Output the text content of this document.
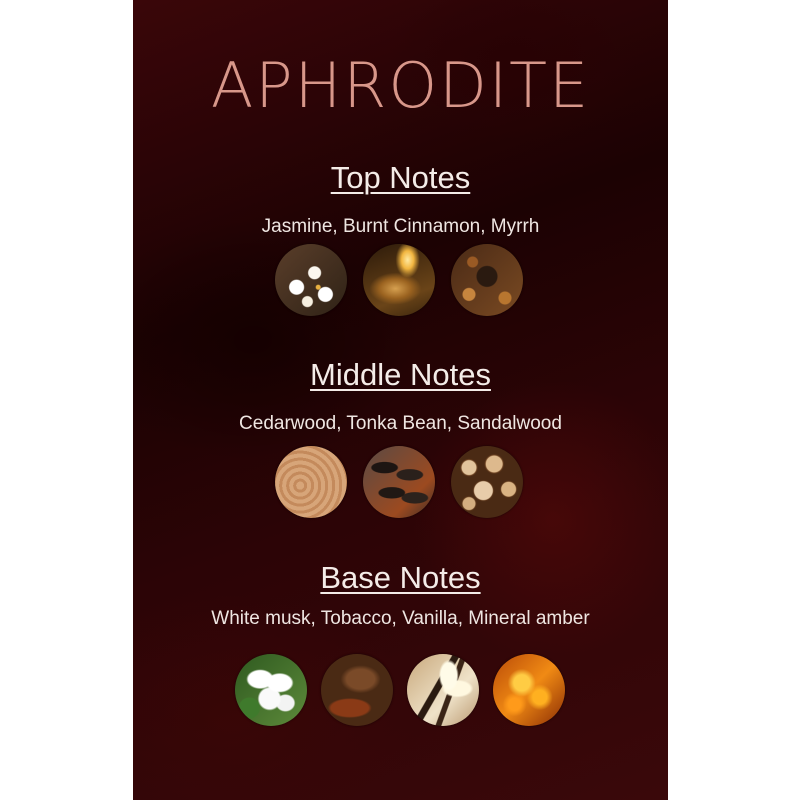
APHRODITE
Top Notes
Jasmine, Burnt Cinnamon, Myrrh
Middle Notes
Cedarwood, Tonka Bean, Sandalwood
Base Notes
White musk, Tobacco, Vanilla, Mineral amber
